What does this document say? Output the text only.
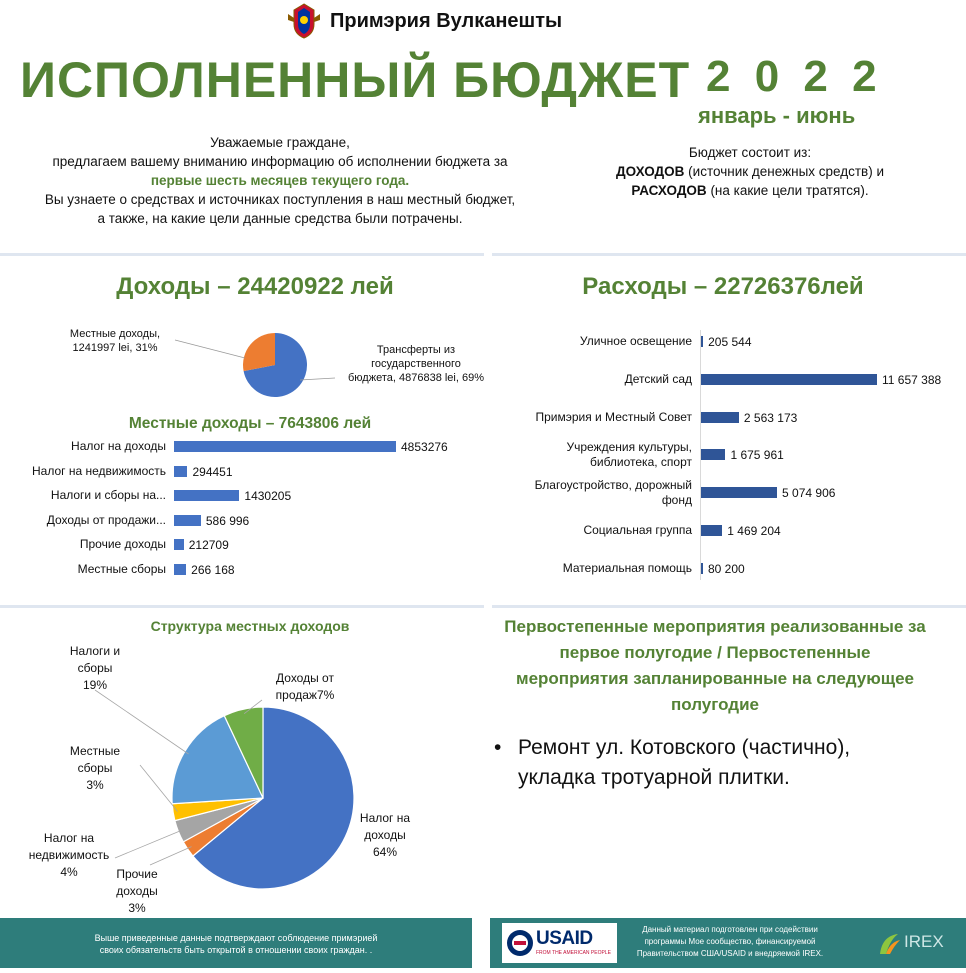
Примэрия Вулканешты
ИСПОЛНЕННЫЙ БЮДЖЕТ 2 0 2 2
январь - июнь
Уважаемые граждане,
предлагаем вашему вниманию информацию об исполнении бюджета за
первые шесть месяцев текущего года.
Вы узнаете о средствах и источниках поступления в наш местный бюджет,
а также, на какие цели данные средства были потрачены.
Бюджет состоит из:
ДОХОДОВ (источник денежных средств) и
РАСХОДОВ (на какие цели тратятся).
Доходы – 24420922 лей
Местные доходы,
1241997 lei, 31%	Трансферты из
государственного
бюджета, 4876838 lei, 69%
Местные доходы – 7643806 лей
Налог на доходы	4853276
Налог на недвижимость 294451
Налоги и сборы на...	1430205
Доходы от продажи...	586 996
Прочие доходы 212709
Местные сборы 266 168
Расходы – 22726376лей
Уличное освещение 205 544
Детский сад	11 657 388
Примэрия и Местный Совет	2 563 173
Учреждения культуры,
библиотека, спорт	1 675 961
Благоустройство, дорожный
фонд	5 074 906
Социальная группа	1 469 204
Материальная помощь 80 200
Структура местных доходов
Налоги и
сборы
19%	Доходы от
продаж7%
Местные
сборы
3%
Налог на
недвижимость
4%	Прочие
доходы
3%
Налог на
доходы
64%
Первостепенные мероприятия реализованные за
первое полугодие / Первостепенные
мероприятия запланированные на следующее
полугодие
• Ремонт ул. Котовского (частично),
укладка тротуарной плитки.
Выше приведенные данные подтверждают соблюдение примэрией
своих обязательств быть открытой в отношении своих граждан. .
USAID
FROM THE AMERICAN PEOPLE
Данный материал подготовлен при содействии
программы Мое сообщество, финансируемой
Правительством США/USAID и внедряемой IREX.
IREX
